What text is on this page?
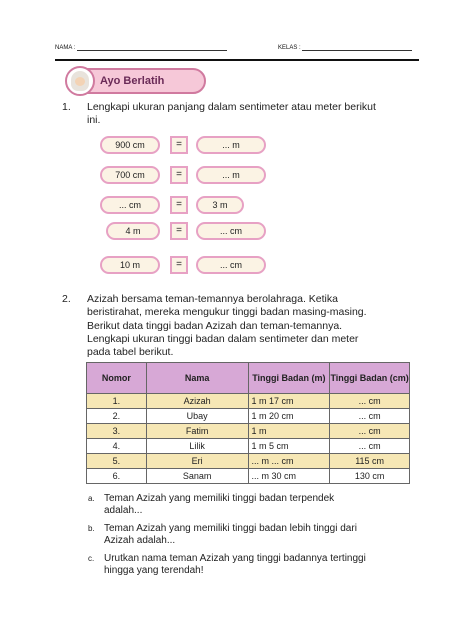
NAMA :	KELAS :
Ayo Berlatih
1. Lengkapi ukuran panjang dalam sentimeter atau meter berikut
ini.
900 cm	=	... m
700 cm	=	... m
... cm	=	3 m
4 m	=	... cm
10 m	=	... cm
2. Azizah bersama teman-temannya berolahraga. Ketika
beristirahat, mereka mengukur tinggi badan masing-masing.
Berikut data tinggi badan Azizah dan teman-temannya.
Lengkapi ukuran tinggi badan dalam sentimeter dan meter
pada tabel berikut.
Nomor	Nama	Tinggi Badan (m)	Tinggi Badan (cm)
1.	Azizah	1 m 17 cm	... cm
2.	Ubay	1 m 20 cm	... cm
3.	Fatim	1 m	... cm
4.	Lilik	1 m 5 cm	... cm
5.	Eri	... m ... cm	115 cm
6.	Sanam	... m 30 cm	130 cm
a. Teman Azizah yang memiliki tinggi badan terpendek
adalah...
b. Teman Azizah yang memiliki tinggi badan lebih tinggi dari
Azizah adalah...
c. Urutkan nama teman Azizah yang tinggi badannya tertinggi
hingga yang terendah!
